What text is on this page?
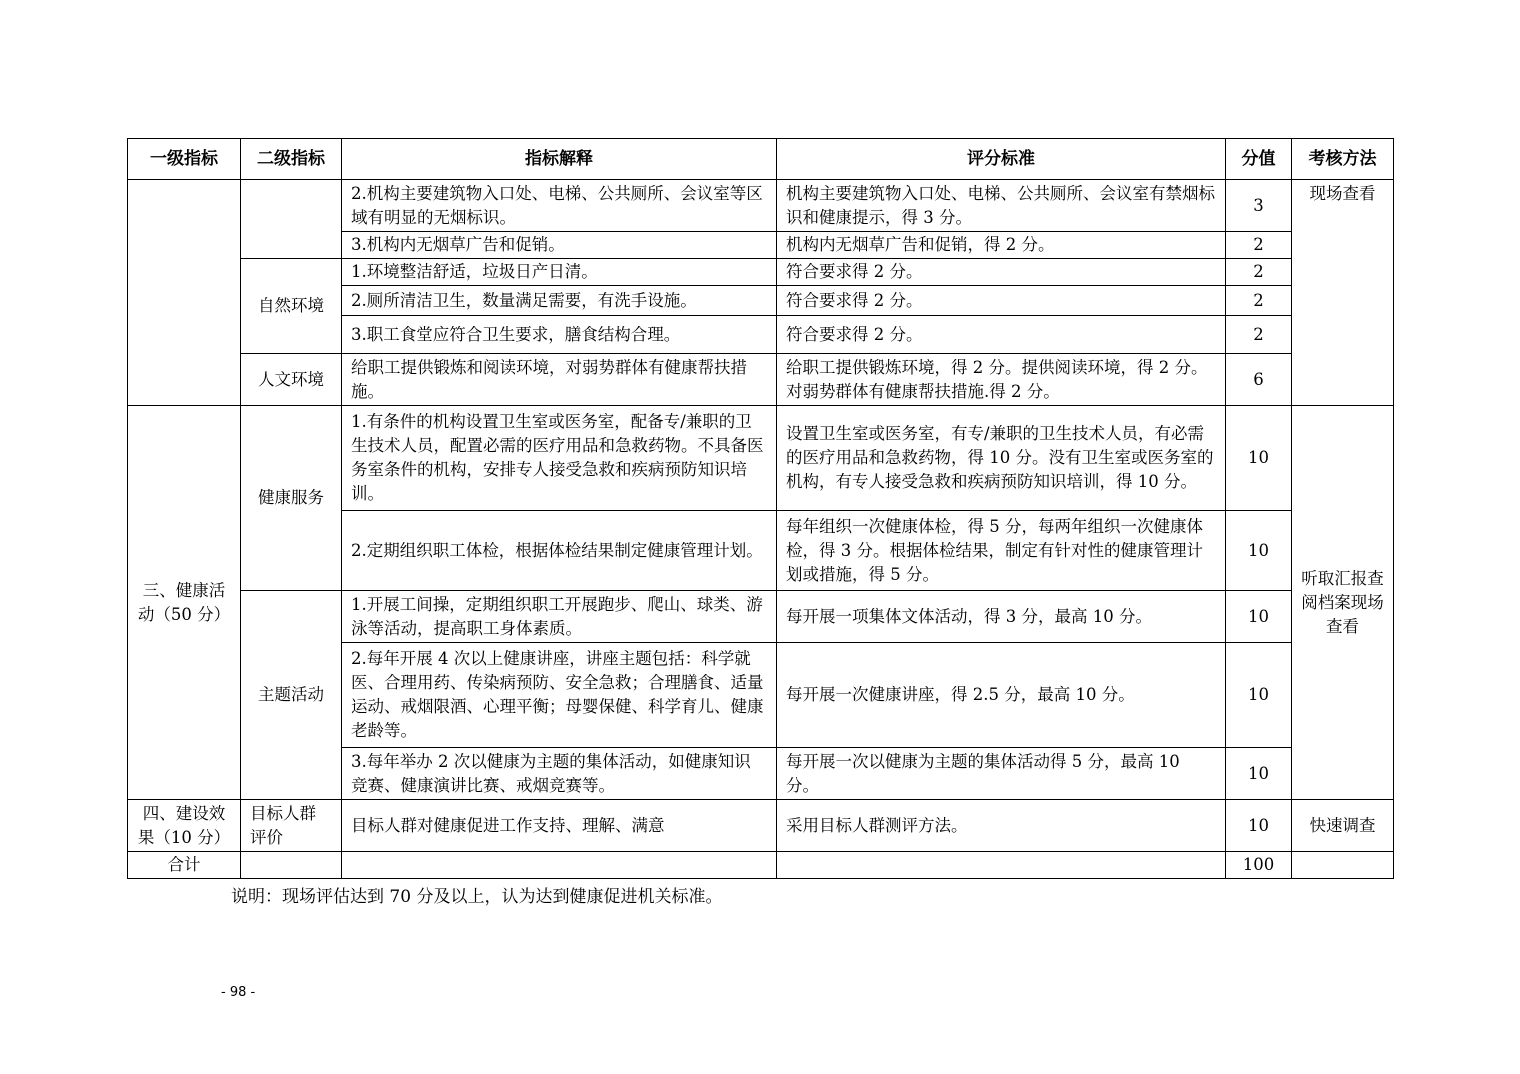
一级指标	二级指标	指标解释	评分标准	分值	考核方法
		2.机构主要建筑物入口处、电梯、公共厕所、会议室等区域有明显的无烟标识。	机构主要建筑物入口处、电梯、公共厕所、会议室有禁烟标识和健康提示，得 3 分。	3	现场查看
		3.机构内无烟草广告和促销。	机构内无烟草广告和促销，得 2 分。	2	
	自然环境	1.环境整洁舒适，垃圾日产日清。	符合要求得 2 分。	2	
		2.厕所清洁卫生，数量满足需要，有洗手设施。	符合要求得 2 分。	2	
		3.职工食堂应符合卫生要求，膳食结构合理。	符合要求得 2 分。	2	
	人文环境	给职工提供锻炼和阅读环境，对弱势群体有健康帮扶措施。	给职工提供锻炼环境，得 2 分。提供阅读环境，得 2 分。对弱势群体有健康帮扶措施.得 2 分。	6	
三、健康活动（50 分）	健康服务	1.有条件的机构设置卫生室或医务室，配备专/兼职的卫生技术人员，配置必需的医疗用品和急救药物。不具备医务室条件的机构，安排专人接受急救和疾病预防知识培训。	设置卫生室或医务室，有专/兼职的卫生技术人员，有必需的医疗用品和急救药物，得 10 分。没有卫生室或医务室的机构，有专人接受急救和疾病预防知识培训，得 10 分。	10	听取汇报查阅档案现场查看
		2.定期组织职工体检，根据体检结果制定健康管理计划。	每年组织一次健康体检，得 5 分，每两年组织一次健康体检，得 3 分。根据体检结果，制定有针对性的健康管理计划或措施，得 5 分。	10	
	主题活动	1.开展工间操，定期组织职工开展跑步、爬山、球类、游泳等活动，提高职工身体素质。	每开展一项集体文体活动，得 3 分，最高 10 分。	10	
		2.每年开展 4 次以上健康讲座，讲座主题包括：科学就医、合理用药、传染病预防、安全急救；合理膳食、适量运动、戒烟限酒、心理平衡；母婴保健、科学育儿、健康老龄等。	每开展一次健康讲座，得 2.5 分，最高 10 分。	10	
		3.每年举办 2 次以健康为主题的集体活动，如健康知识竞赛、健康演讲比赛、戒烟竞赛等。	每开展一次以健康为主题的集体活动得 5 分，最高 10 分。	10	
四、建设效果（10 分）	目标人群评价	目标人群对健康促进工作支持、理解、满意	采用目标人群测评方法。	10	快速调查
合计				100	
说明：现场评估达到 70 分及以上，认为达到健康促进机关标准。
- 98 -
